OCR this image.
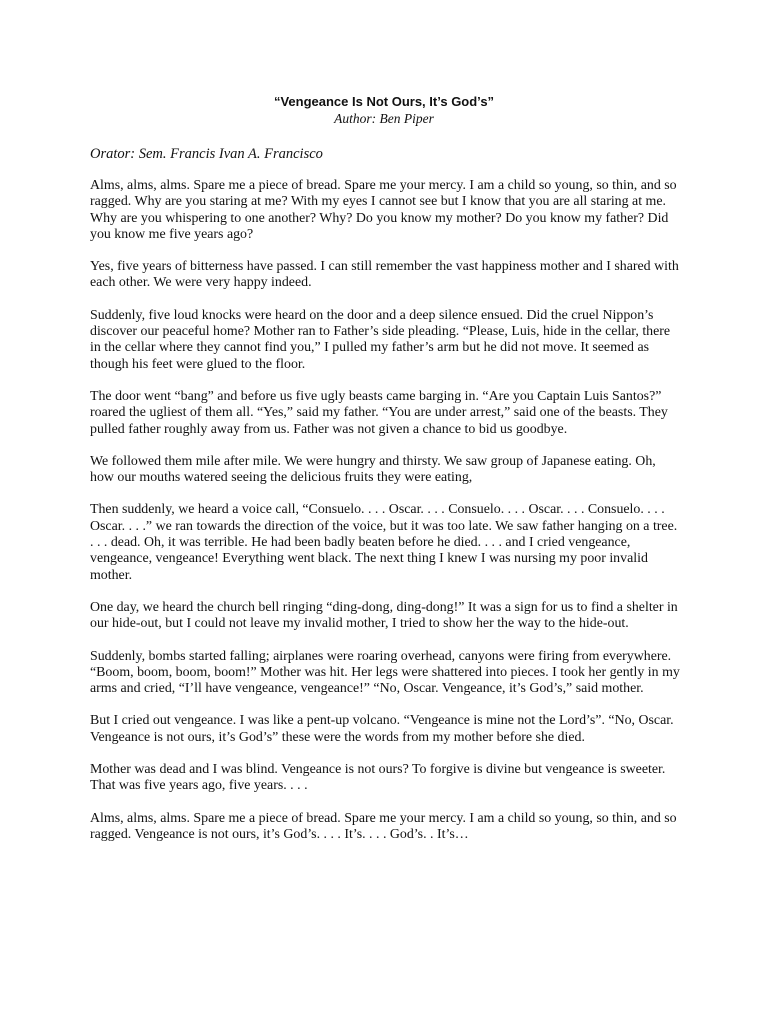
“Vengeance Is Not Ours, It’s God’s”

Author: Ben Piper

Orator: Sem. Francis Ivan A. Francisco

Alms, alms, alms. Spare me a piece of bread. Spare me your mercy. I am a child so young, so thin, and so
ragged. Why are you staring at me? With my eyes I cannot see but I know that you are all staring at me.
Why are you whispering to one another? Why? Do you know my mother? Do you know my father? Did
you know me five years ago?

Yes, five years of bitterness have passed. I can still remember the vast happiness mother and I shared with
each other. We were very happy indeed.

Suddenly, five loud knocks were heard on the door and a deep silence ensued. Did the cruel Nippon’s
discover our peaceful home? Mother ran to Father’s side pleading. “Please, Luis, hide in the cellar, there
in the cellar where they cannot find you,” I pulled my father’s arm but he did not move. It seemed as
though his feet were glued to the floor.

The door went “bang” and before us five ugly beasts came barging in. “Are you Captain Luis Santos?”
roared the ugliest of them all. “Yes,” said my father. “You are under arrest,” said one of the beasts. They
pulled father roughly away from us. Father was not given a chance to bid us goodbye.

We followed them mile after mile. We were hungry and thirsty. We saw group of Japanese eating. Oh,
how our mouths watered seeing the delicious fruits they were eating,

Then suddenly, we heard a voice call, “Consuelo. . . . Oscar. . . . Consuelo. . . . Oscar. . . . Consuelo. . . .
Oscar. . . .” we ran towards the direction of the voice, but it was too late. We saw father hanging on a tree.
. . . dead. Oh, it was terrible. He had been badly beaten before he died. . . . and I cried vengeance,
vengeance, vengeance! Everything went black. The next thing I knew I was nursing my poor invalid
mother.

One day, we heard the church bell ringing “ding-dong, ding-dong!” It was a sign for us to find a shelter in
our hide-out, but I could not leave my invalid mother, I tried to show her the way to the hide-out.

Suddenly, bombs started falling; airplanes were roaring overhead, canyons were firing from everywhere.
“Boom, boom, boom, boom!” Mother was hit. Her legs were shattered into pieces. I took her gently in my
arms and cried, “I’ll have vengeance, vengeance!” “No, Oscar. Vengeance, it’s God’s,” said mother.

But I cried out vengeance. I was like a pent-up volcano. “Vengeance is mine not the Lord’s”. “No, Oscar.
Vengeance is not ours, it’s God’s” these were the words from my mother before she died.

Mother was dead and I was blind. Vengeance is not ours? To forgive is divine but vengeance is sweeter.
That was five years ago, five years. . . .

Alms, alms, alms. Spare me a piece of bread. Spare me your mercy. I am a child so young, so thin, and so
ragged. Vengeance is not ours, it’s God’s. . . . It’s. . . . God’s. . It’s…
